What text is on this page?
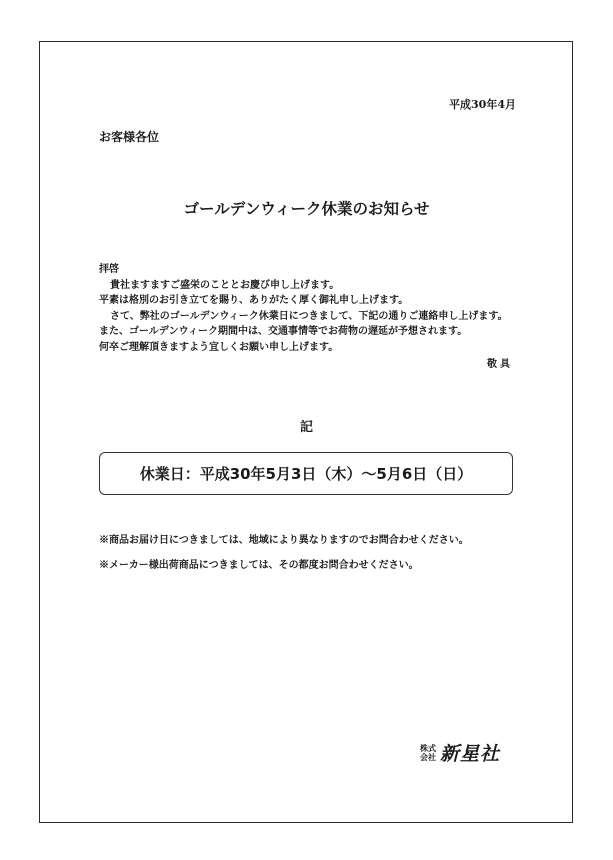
平成30年4月
お客様各位
ゴールデンウィーク休業のお知らせ
拝啓
貴社ますますご盛栄のこととお慶び申し上げます。
平素は格別のお引き立てを賜り、ありがたく厚く御礼申し上げます。
さて、弊社のゴールデンウィーク休業日につきまして、下記の通りご連絡申し上げます。
また、ゴールデンウィーク期間中は、交通事情等でお荷物の遅延が予想されます。
何卒ご理解頂きますよう宜しくお願い申し上げます。
敬具
記
休業日：平成30年5月3日（木）～5月6日（日）
※商品お届け日につきましては、地域により異なりますのでお問合わせください。
※メーカー様出荷商品につきましては、その都度お問合わせください。
株式
会社 新星社
